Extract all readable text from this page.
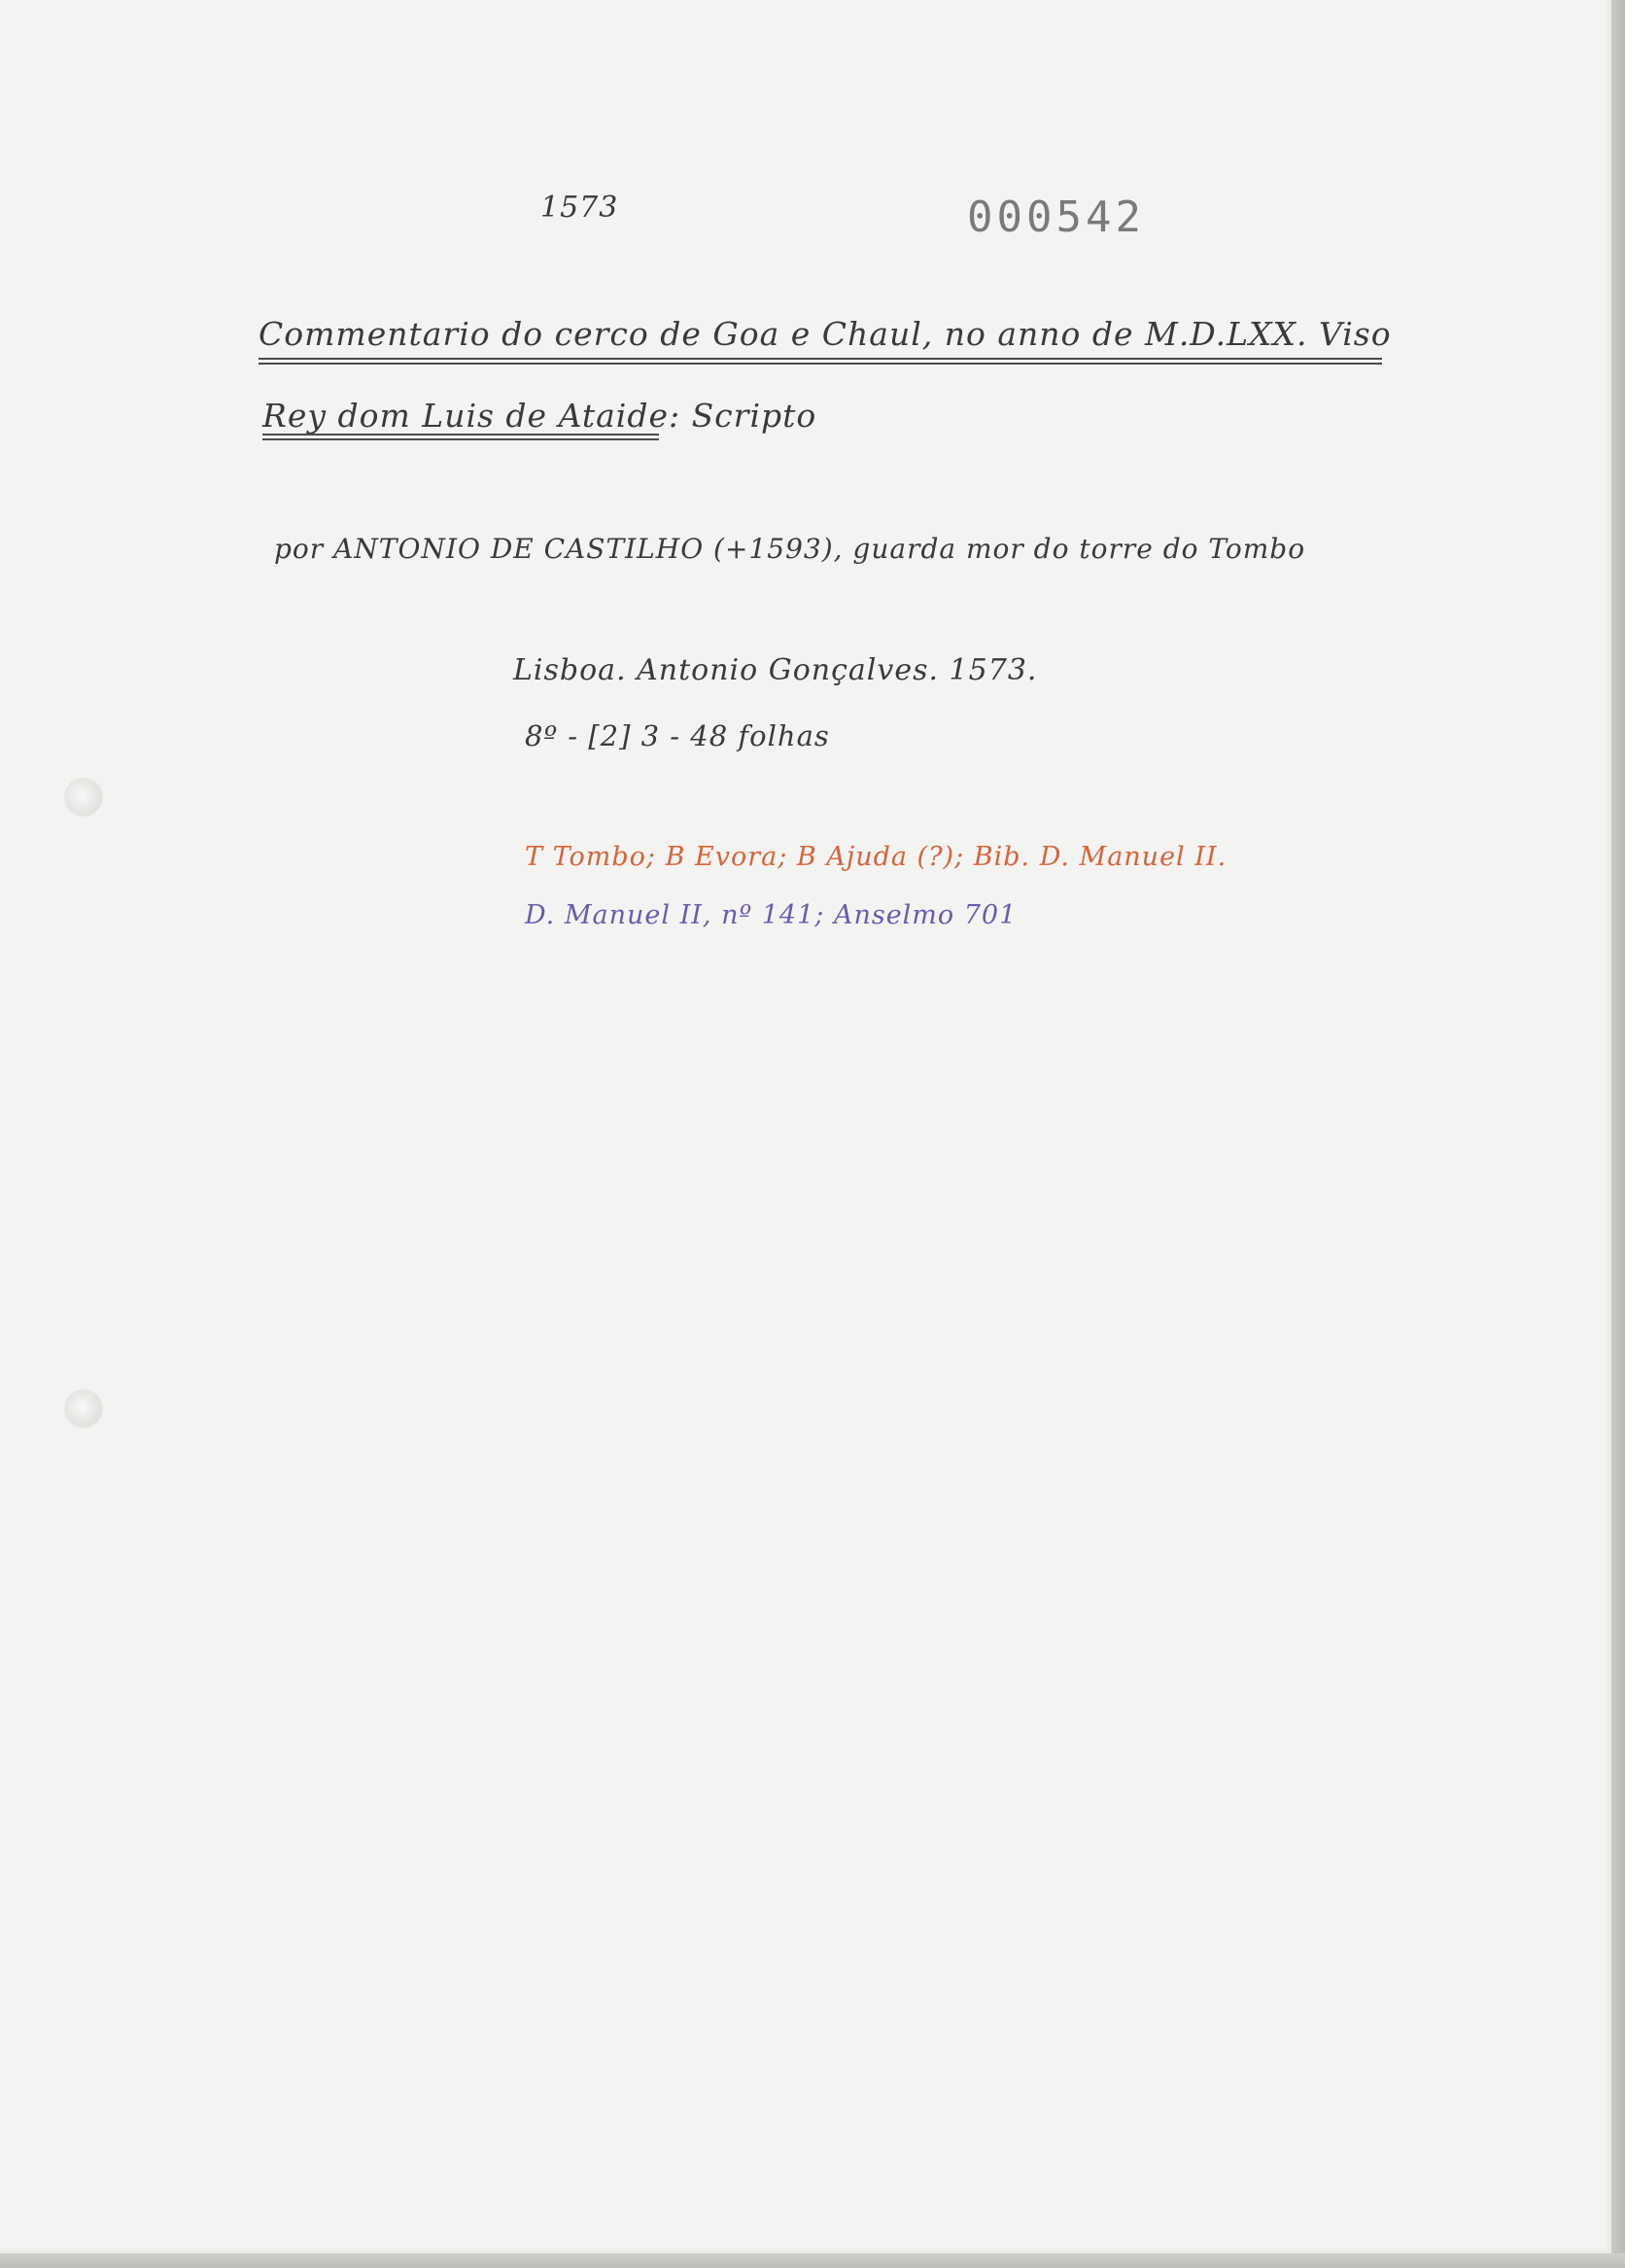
1573	000542
Commentario do cerco de Goa e Chaul, no anno de M.D.LXX. Viso
Rey dom Luis de Ataide: Scripto
por ANTONIO DE CASTILHO (+1593), guarda mor do torre do Tombo
Lisboa. Antonio Gonçalves. 1573.
8º - [2] 3 - 48 folhas
T Tombo; B Evora; B Ajuda (?); Bib. D. Manuel II.
D. Manuel II, nº 141; Anselmo 701
